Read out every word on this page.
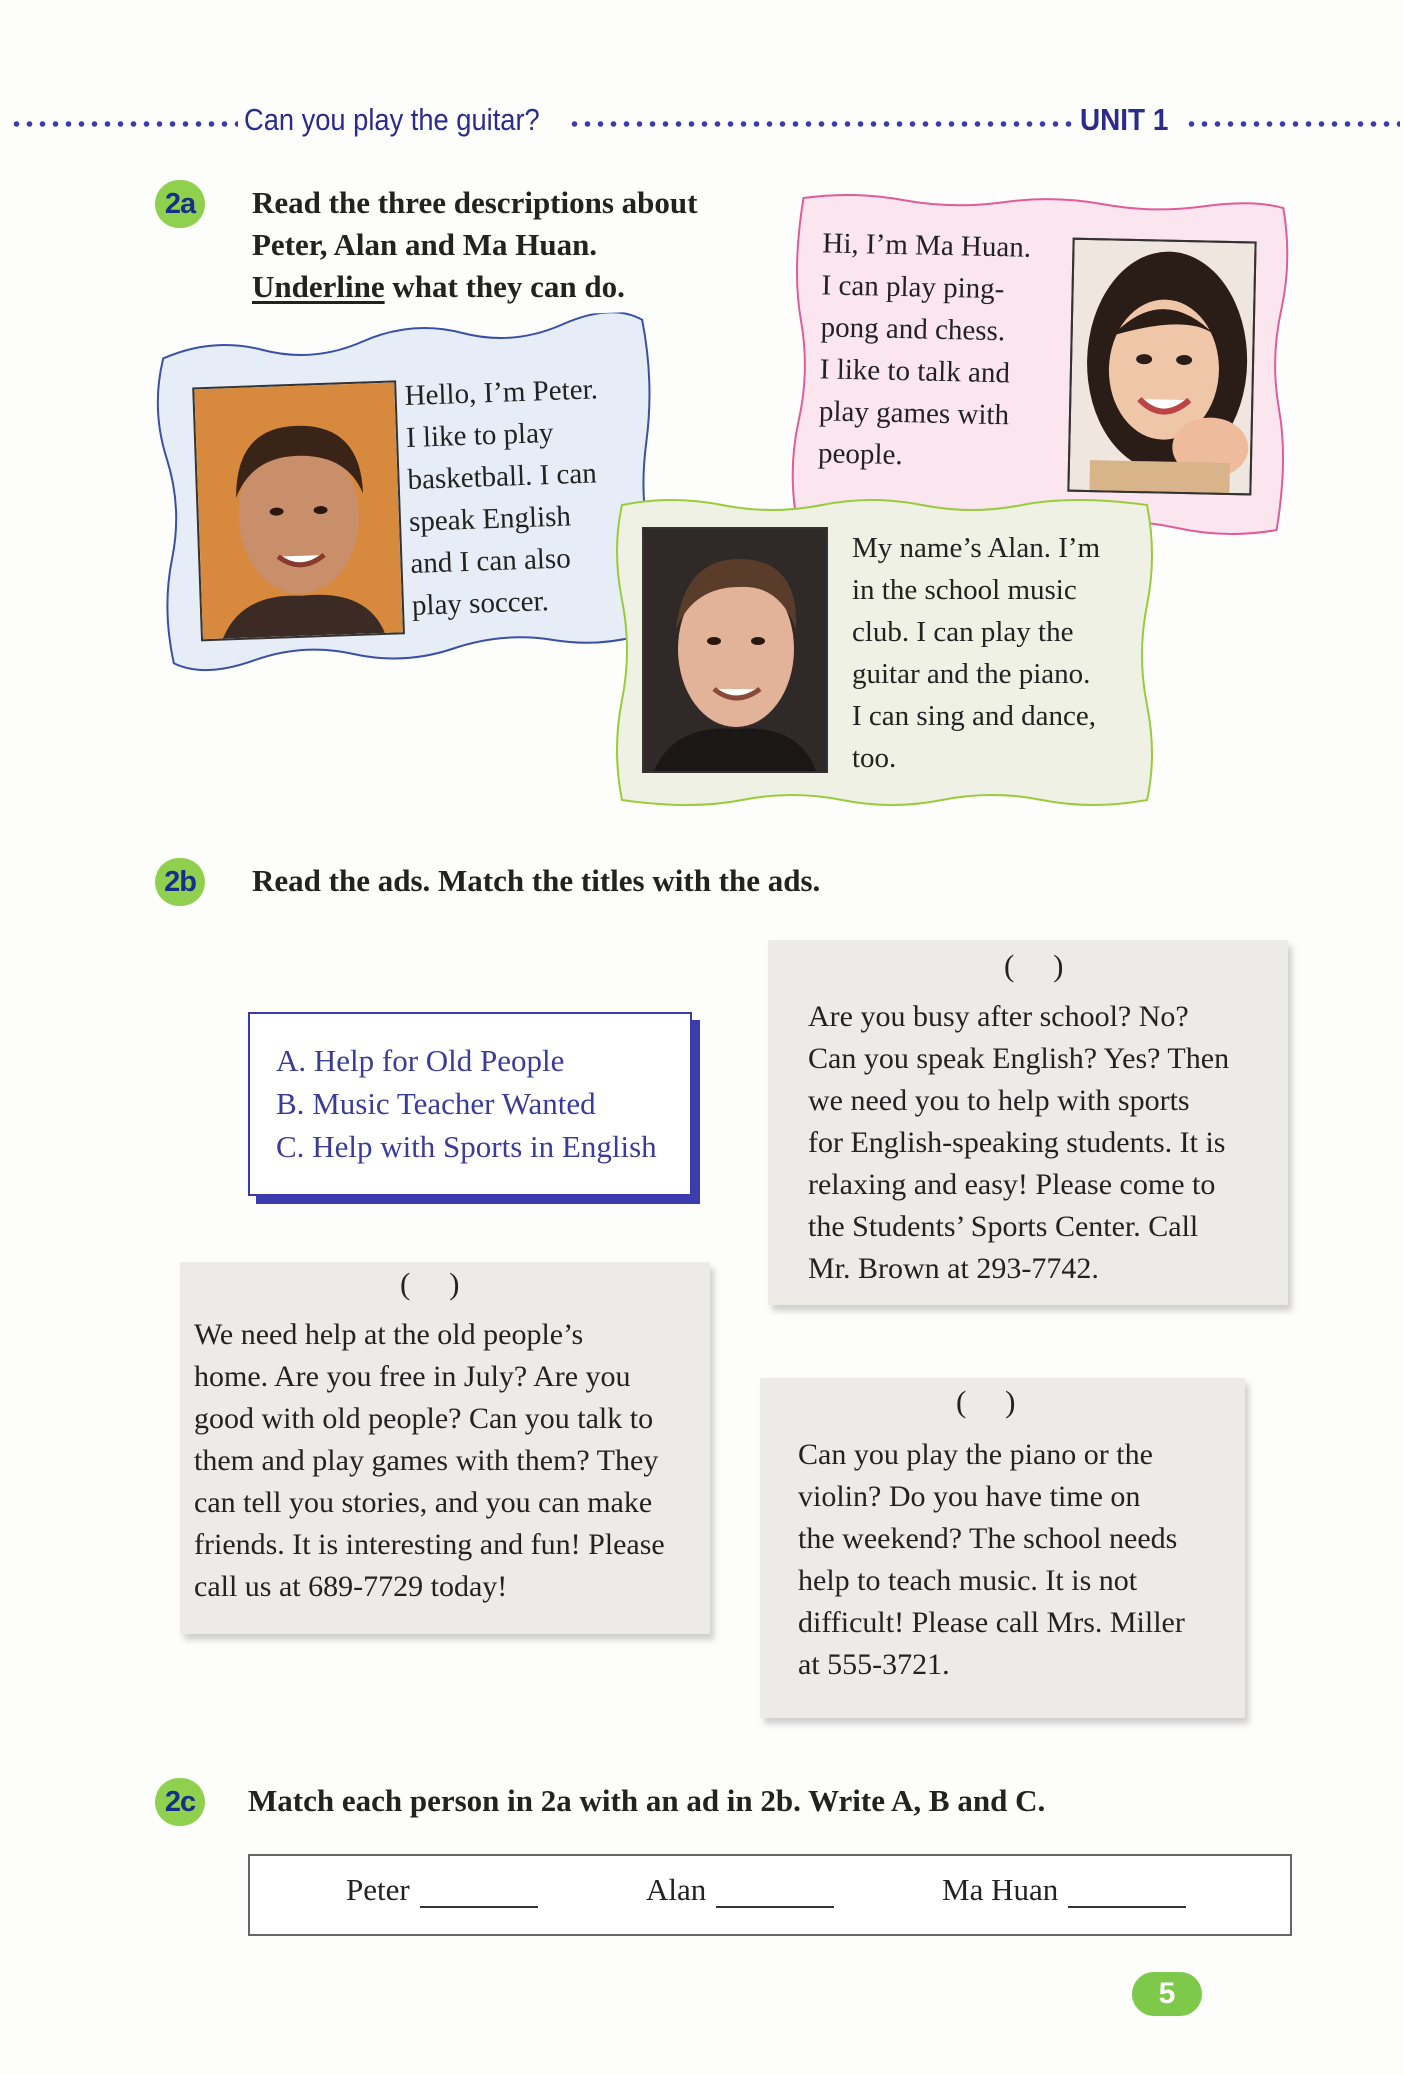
Can you play the guitar?	UNIT 1
2a	Read the three descriptions about
Peter, Alan and Ma Huan.
Underline what they can do.
Hi, I’m Ma Huan.
I can play ping-
pong and chess.
I like to talk and
play games with
people.
Hello, I’m Peter.
I like to play
basketball. I can
speak English
and I can also
play soccer.
My name’s Alan. I’m
in the school music
club. I can play the
guitar and the piano.
I can sing and dance,
too.
2b Read the ads. Match the titles with the ads.
A. Help for Old People
B. Music Teacher Wanted
C. Help with Sports in English
(     )
Are you busy after school? No?
Can you speak English? Yes? Then
we need you to help with sports
for English-speaking students. It is
relaxing and easy! Please come to
the Students’ Sports Center. Call
Mr. Brown at 293-7742.
(     )
We need help at the old people’s
home. Are you free in July? Are you
good with old people? Can you talk to
them and play games with them? They
can tell you stories, and you can make
friends. It is interesting and fun! Please
call us at 689-7729 today!
(     )
Can you play the piano or the
violin? Do you have time on
the weekend? The school needs
help to teach music. It is not
difficult! Please call Mrs. Miller
at 555-3721.
2c	Match each person in 2a with an ad in 2b. Write A, B and C.
Peter	Alan	Ma Huan
5
